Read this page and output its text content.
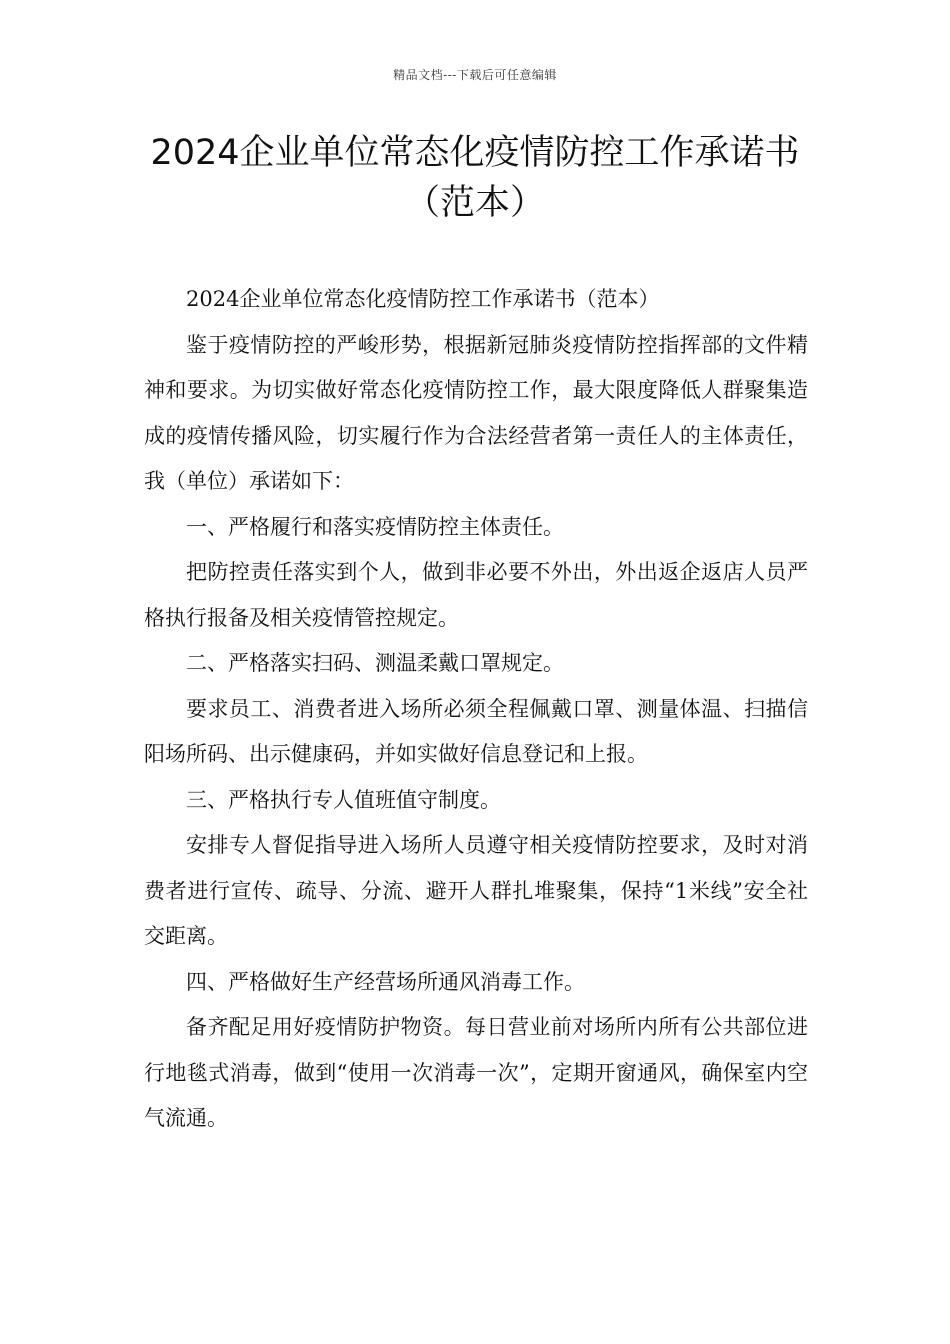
精品文档---下载后可任意编辑
2024企业单位常态化疫情防控工作承诺书（范本）

2024企业单位常态化疫情防控工作承诺书（范本）

鉴于疫情防控的严峻形势，根据新冠肺炎疫情防控指挥部的文件精神和要求。为切实做好常态化疫情防控工作，最大限度降低人群聚集造成的疫情传播风险，切实履行作为合法经营者第一责任人的主体责任，我（单位）承诺如下：

一、严格履行和落实疫情防控主体责任。

把防控责任落实到个人，做到非必要不外出，外出返企返店人员严格执行报备及相关疫情管控规定。

二、严格落实扫码、测温柔戴口罩规定。

要求员工、消费者进入场所必须全程佩戴口罩、测量体温、扫描信阳场所码、出示健康码，并如实做好信息登记和上报。

三、严格执行专人值班值守制度。

安排专人督促指导进入场所人员遵守相关疫情防控要求，及时对消费者进行宣传、疏导、分流、避开人群扎堆聚集，保持“1米线”安全社交距离。

四、严格做好生产经营场所通风消毒工作。

备齐配足用好疫情防护物资。每日营业前对场所内所有公共部位进行地毯式消毒，做到“使用一次消毒一次”，定期开窗通风，确保室内空气流通。
